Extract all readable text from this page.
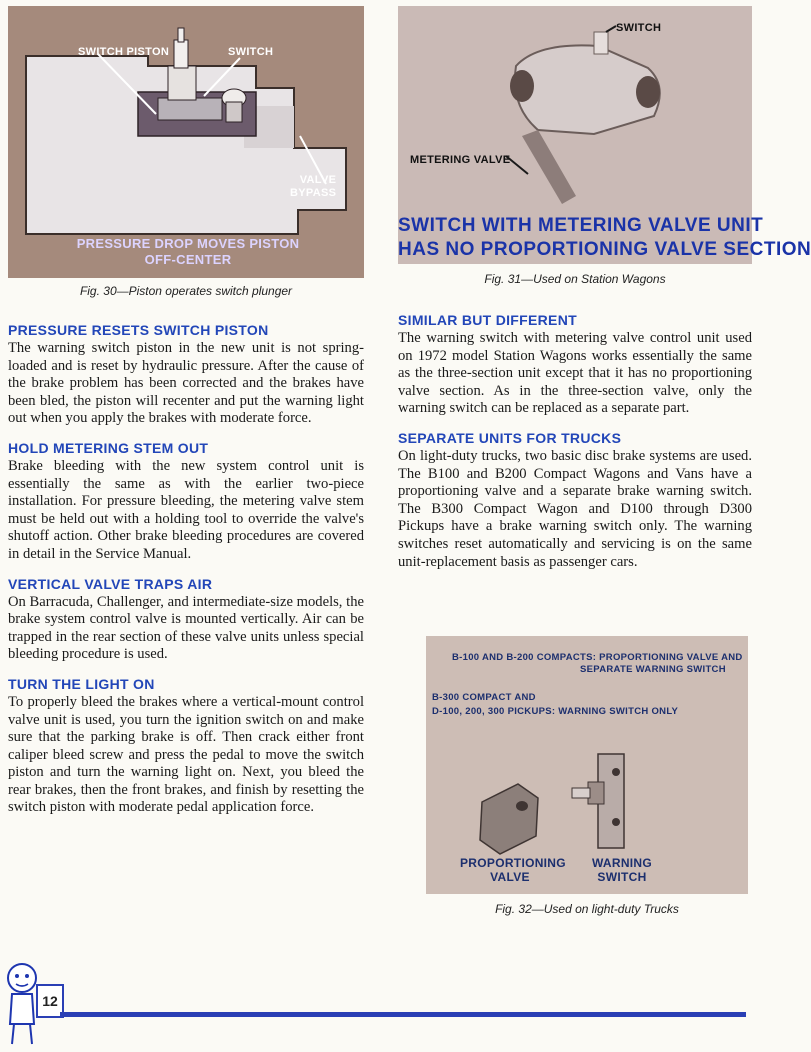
SWITCH PISTON	SWITCH
VALVE
BYPASS
PRESSURE DROP MOVES PISTON
OFF-CENTER
Fig. 30—Piston operates switch plunger
SWITCH
METERING VALVE
SWITCH WITH METERING VALVE UNIT
HAS NO PROPORTIONING VALVE SECTION
Fig. 31—Used on Station Wagons
PRESSURE RESETS SWITCH PISTON

The warning switch piston in the new unit is not spring-loaded and is reset by hydraulic pressure. After the cause of the brake problem has been corrected and the brakes have been bled, the piston will recenter and put the warning light out when you apply the brakes with moderate force.

HOLD METERING STEM OUT

Brake bleeding with the new system control unit is essentially the same as with the earlier two-piece installation. For pressure bleeding, the metering valve stem must be held out with a holding tool to override the valve's shutoff action. Other brake bleeding procedures are covered in detail in the Service Manual.

VERTICAL VALVE TRAPS AIR

On Barracuda, Challenger, and intermediate-size models, the brake system control valve is mounted vertically. Air can be trapped in the rear section of these valve units unless special bleeding procedure is used.

TURN THE LIGHT ON

To properly bleed the brakes where a vertical-mount control valve unit is used, you turn the ignition switch on and make sure that the parking brake is off. Then crack either front caliper bleed screw and press the pedal to move the switch piston and turn the warning light on. Next, you bleed the rear brakes, then the front brakes, and finish by resetting the switch piston with moderate pedal application force.

SIMILAR BUT DIFFERENT

The warning switch with metering valve control unit used on 1972 model Station Wagons works essentially the same as the three-section unit except that it has no proportioning valve section. As in the three-section valve, only the warning switch can be replaced as a separate part.

SEPARATE UNITS FOR TRUCKS

On light-duty trucks, two basic disc brake systems are used. The B100 and B200 Compact Wagons and Vans have a proportioning valve and a separate brake warning switch. The B300 Compact Wagon and D100 through D300 Pickups have a brake warning switch only. The warning switches reset automatically and servicing is on the same unit-replacement basis as passenger cars.

B-100 AND B-200 COMPACTS: PROPORTIONING VALVE AND
SEPARATE WARNING SWITCH
B-300 COMPACT AND
D-100, 200, 300 PICKUPS: WARNING SWITCH ONLY
PROPORTIONING
VALVE
WARNING
SWITCH
Fig. 32—Used on light-duty Trucks
12
